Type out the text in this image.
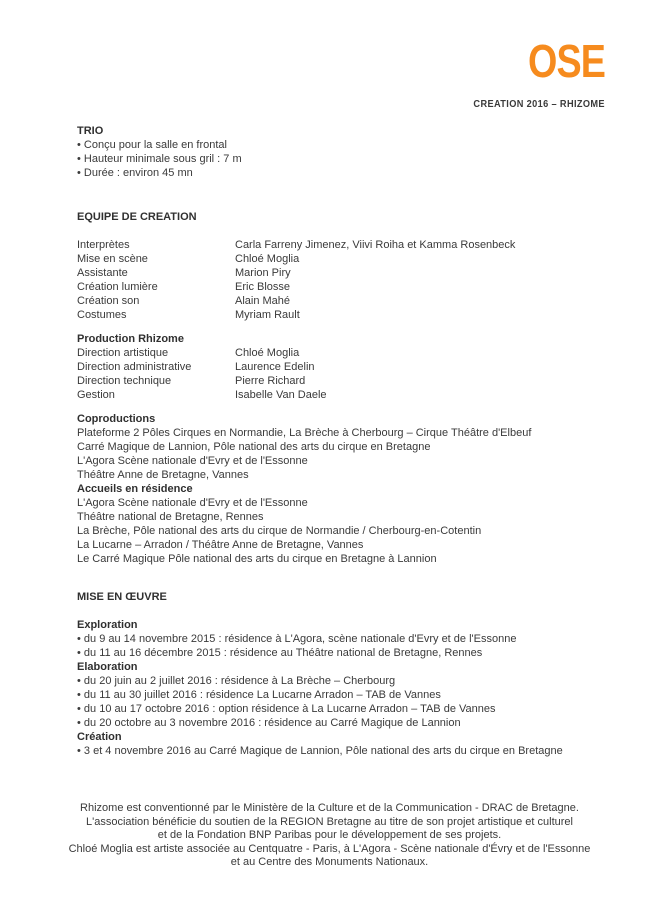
OSE
CREATION 2016 – RHIZOME
TRIO
• Conçu pour la salle en frontal
• Hauteur minimale sous gril : 7 m
• Durée : environ 45 mn
EQUIPE DE CREATION
Interprètes	Carla Farreny Jimenez, Viivi Roiha et Kamma Rosenbeck
Mise en scène	Chloé Moglia
Assistante	Marion Piry
Création lumière	Eric Blosse
Création son	Alain Mahé
Costumes	Myriam Rault
Production Rhizome
Direction artistique	Chloé Moglia
Direction administrative	Laurence Edelin
Direction technique	Pierre Richard
Gestion	Isabelle Van Daele
Coproductions
Plateforme 2 Pôles Cirques en Normandie, La Brèche à Cherbourg – Cirque Théâtre d'Elbeuf
Carré Magique de Lannion, Pôle national des arts du cirque en Bretagne
L'Agora Scène nationale d'Evry et de l'Essonne
Théâtre Anne de Bretagne, Vannes
Accueils en résidence
L'Agora Scène nationale d'Evry et de l'Essonne
Théâtre national de Bretagne, Rennes
La Brèche, Pôle national des arts du cirque de Normandie / Cherbourg-en-Cotentin
La Lucarne – Arradon / Théâtre Anne de Bretagne, Vannes
Le Carré Magique Pôle national des arts du cirque en Bretagne à Lannion
MISE EN ŒUVRE
Exploration
• du 9 au 14 novembre 2015 : résidence à L'Agora, scène nationale d'Evry et de l'Essonne
• du 11 au 16 décembre 2015 : résidence au Théâtre national de Bretagne, Rennes
Elaboration
• du 20 juin au 2 juillet 2016 : résidence à La Brèche – Cherbourg
• du 11 au 30 juillet 2016 : résidence La Lucarne Arradon – TAB de Vannes
• du 10 au 17 octobre 2016 : option résidence à La Lucarne Arradon – TAB de Vannes
• du 20 octobre au 3 novembre 2016 : résidence au Carré Magique de Lannion
Création
• 3 et 4 novembre 2016 au Carré Magique de Lannion, Pôle national des arts du cirque en Bretagne
Rhizome est conventionné par le Ministère de la Culture et de la Communication - DRAC de Bretagne.
L'association bénéficie du soutien de la REGION Bretagne au titre de son projet artistique et culturel
et de la Fondation BNP Paribas pour le développement de ses projets.
Chloé Moglia est artiste associée au Centquatre - Paris, à L'Agora - Scène nationale d'Évry et de l'Essonne
et au Centre des Monuments Nationaux.
